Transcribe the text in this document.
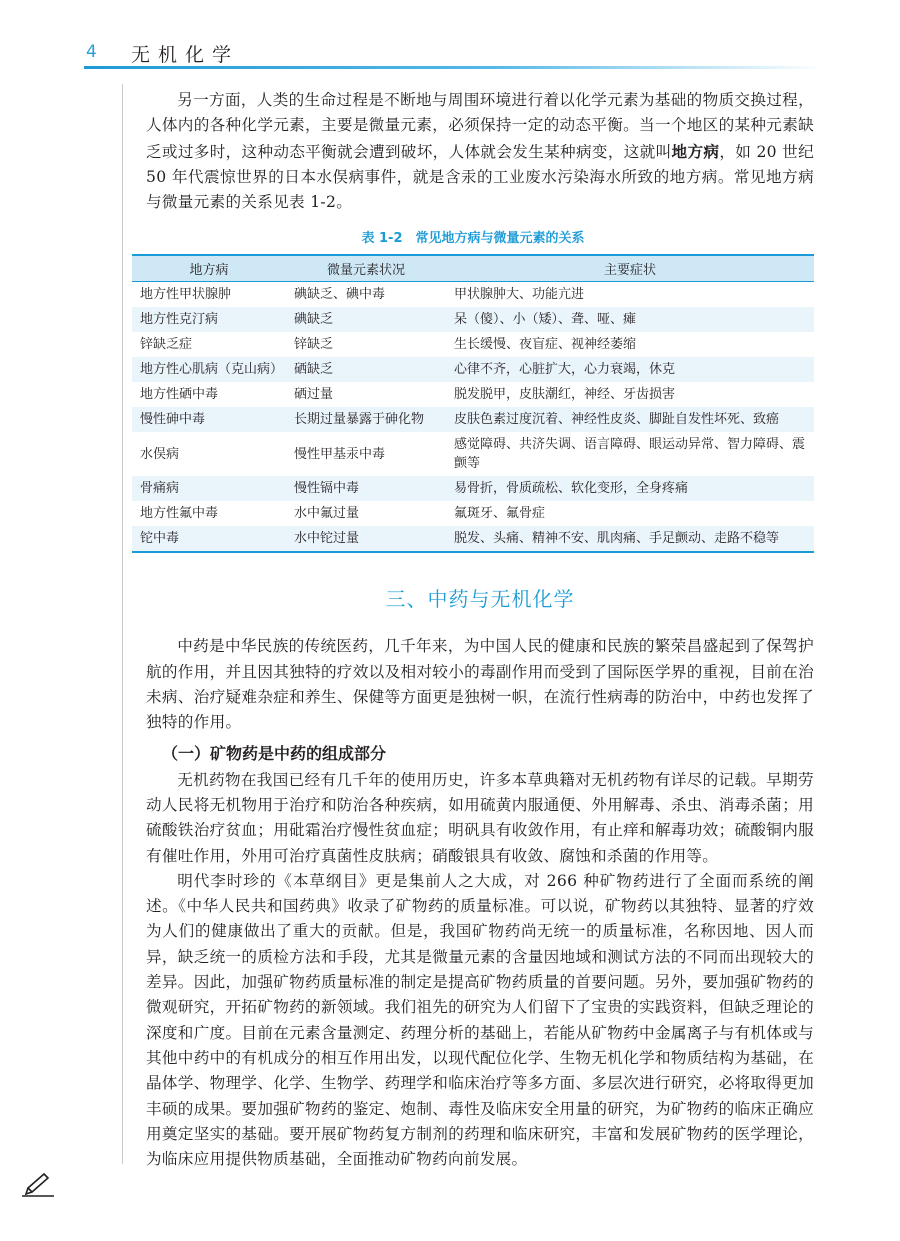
4 无机化学

另一方面，人类的生命过程是不断地与周围环境进行着以化学元素为基础的物质交换过程，人体内的各种化学元素，主要是微量元素，必须保持一定的动态平衡。当一个地区的某种元素缺乏或过多时，这种动态平衡就会遭到破坏，人体就会发生某种病变，这就叫地方病，如 20 世纪 50 年代震惊世界的日本水俣病事件，就是含汞的工业废水污染海水所致的地方病。常见地方病与微量元素的关系见表 1-2。

表 1-2　常见地方病与微量元素的关系
地方病	微量元素状况	主要症状
地方性甲状腺肿	碘缺乏、碘中毒	甲状腺肿大、功能亢进
地方性克汀病	碘缺乏	呆（傻）、小（矮）、聋、哑、瘫
锌缺乏症	锌缺乏	生长缓慢、夜盲症、视神经萎缩
地方性心肌病（克山病）	硒缺乏	心律不齐，心脏扩大，心力衰竭，休克
地方性硒中毒	硒过量	脱发脱甲，皮肤潮红，神经、牙齿损害
慢性砷中毒	长期过量暴露于砷化物	皮肤色素过度沉着、神经性皮炎、脚趾自发性坏死、致癌
水俣病	慢性甲基汞中毒	感觉障碍、共济失调、语言障碍、眼运动异常、智力障碍、震颤等
骨痛病	慢性镉中毒	易骨折，骨质疏松、软化变形，全身疼痛
地方性氟中毒	水中氟过量	氟斑牙、氟骨症
铊中毒	水中铊过量	脱发、头痛、精神不安、肌肉痛、手足颤动、走路不稳等
三、中药与无机化学

中药是中华民族的传统医药，几千年来，为中国人民的健康和民族的繁荣昌盛起到了保驾护航的作用，并且因其独特的疗效以及相对较小的毒副作用而受到了国际医学界的重视，目前在治未病、治疗疑难杂症和养生、保健等方面更是独树一帜，在流行性病毒的防治中，中药也发挥了独特的作用。

（一）矿物药是中药的组成部分

无机药物在我国已经有几千年的使用历史，许多本草典籍对无机药物有详尽的记载。早期劳动人民将无机物用于治疗和防治各种疾病，如用硫黄内服通便、外用解毒、杀虫、消毒杀菌；用硫酸铁治疗贫血；用砒霜治疗慢性贫血症；明矾具有收敛作用，有止痒和解毒功效；硫酸铜内服有催吐作用，外用可治疗真菌性皮肤病；硝酸银具有收敛、腐蚀和杀菌的作用等。

明代李时珍的《本草纲目》更是集前人之大成，对 266 种矿物药进行了全面而系统的阐述。《中华人民共和国药典》收录了矿物药的质量标准。可以说，矿物药以其独特、显著的疗效为人们的健康做出了重大的贡献。但是，我国矿物药尚无统一的质量标准，名称因地、因人而异，缺乏统一的质检方法和手段，尤其是微量元素的含量因地域和测试方法的不同而出现较大的差异。因此，加强矿物药质量标准的制定是提高矿物药质量的首要问题。另外，要加强矿物药的微观研究，开拓矿物药的新领域。我们祖先的研究为人们留下了宝贵的实践资料，但缺乏理论的深度和广度。目前在元素含量测定、药理分析的基础上，若能从矿物药中金属离子与有机体或与其他中药中的有机成分的相互作用出发，以现代配位化学、生物无机化学和物质结构为基础，在晶体学、物理学、化学、生物学、药理学和临床治疗等多方面、多层次进行研究，必将取得更加丰硕的成果。要加强矿物药的鉴定、炮制、毒性及临床安全用量的研究，为矿物药的临床正确应用奠定坚实的基础。要开展矿物药复方制剂的药理和临床研究，丰富和发展矿物药的医学理论，为临床应用提供物质基础，全面推动矿物药向前发展。
